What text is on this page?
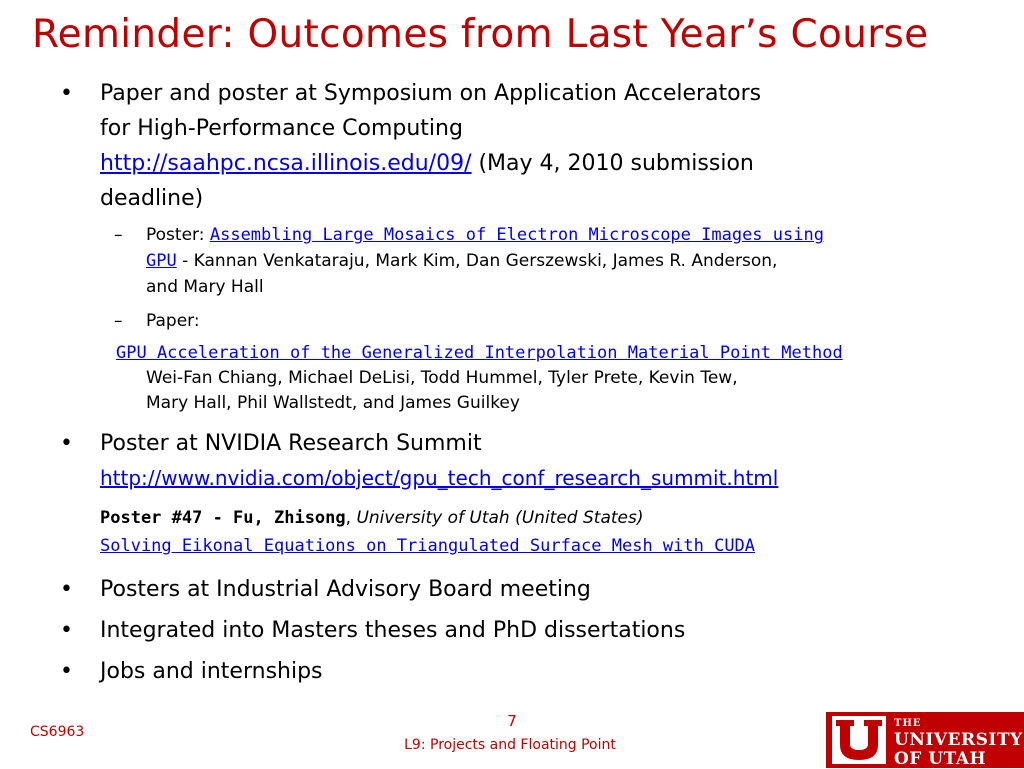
Reminder: Outcomes from Last Year’s Course
• Paper and poster at Symposium on Application Accelerators
for High-Performance Computing
http://saahpc.ncsa.illinois.edu/09/ (May 4, 2010 submission
deadline)
– Poster: Assembling Large Mosaics of Electron Microscope Images using
GPU - Kannan Venkataraju, Mark Kim, Dan Gerszewski, James R. Anderson,
and Mary Hall
– Paper:
GPU Acceleration of the Generalized Interpolation Material Point Method
Wei-Fan Chiang, Michael DeLisi, Todd Hummel, Tyler Prete, Kevin Tew,
Mary Hall, Phil Wallstedt, and James Guilkey
• Poster at NVIDIA Research Summit
http://www.nvidia.com/object/gpu_tech_conf_research_summit.html
Poster #47 - Fu, Zhisong, University of Utah (United States)
Solving Eikonal Equations on Triangulated Surface Mesh with CUDA
• Posters at Industrial Advisory Board meeting
• Integrated into Masters theses and PhD dissertations
• Jobs and internships
CS6963
7
L9: Projects and Floating Point
THE
UNIVERSITY
OF UTAH
